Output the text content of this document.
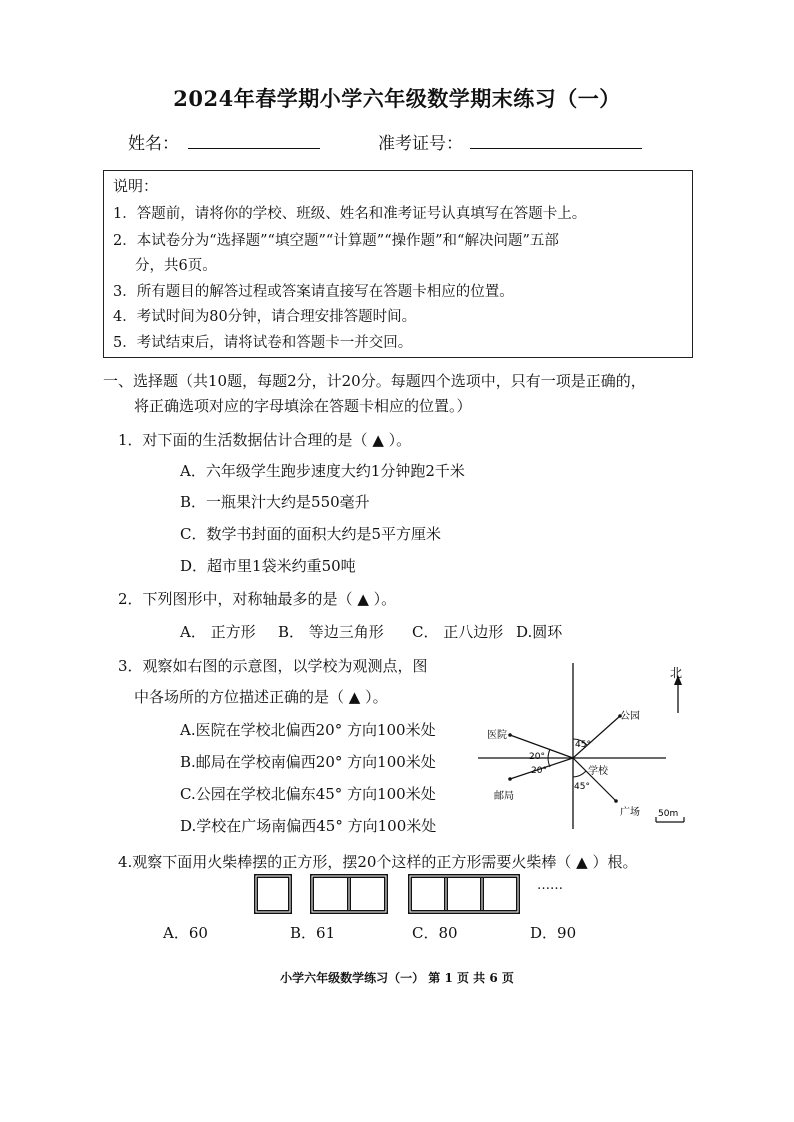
2024年春学期小学六年级数学期末练习（一）
姓名：	准考证号：
说明：
1．答题前，请将你的学校、班级、姓名和准考证号认真填写在答题卡上。
2．本试卷分为“选择题”“填空题”“计算题”“操作题”和“解决问题”五部
分，共6页。
3．所有题目的解答过程或答案请直接写在答题卡相应的位置。
4．考试时间为80分钟，请合理安排答题时间。
5．考试结束后，请将试卷和答题卡一并交回。
一、选择题（共10题，每题2分，计20分。每题四个选项中，只有一项是正确的，
将正确选项对应的字母填涂在答题卡相应的位置。）
1．对下面的生活数据估计合理的是（ ▲ ）。
A．六年级学生跑步速度大约1分钟跑2千米
B．一瓶果汁大约是550毫升
C．数学书封面的面积大约是5平方厘米
D．超市里1袋米约重50吨
2．下列图形中，对称轴最多的是（ ▲ ）。
A． 正方形 B． 等边三角形 C． 正八边形 D.圆环
3．观察如右图的示意图，以学校为观测点，图
中各场所的方位描述正确的是（ ▲ ）。
A.医院在学校北偏西20° 方向100米处
B.邮局在学校南偏西20° 方向100米处
C.公园在学校北偏东45° 方向100米处
D.学校在广场南偏西45° 方向100米处
北
公园
医院
邮局
广场
学校
45°
20°
20°
45°
50m
4.观察下面用火柴棒摆的正方形，摆20个这样的正方形需要火柴棒（ ▲ ）根。
……
A．60	B．61	C．80	D．90
小学六年级数学练习（一） 第 1 页 共 6 页
